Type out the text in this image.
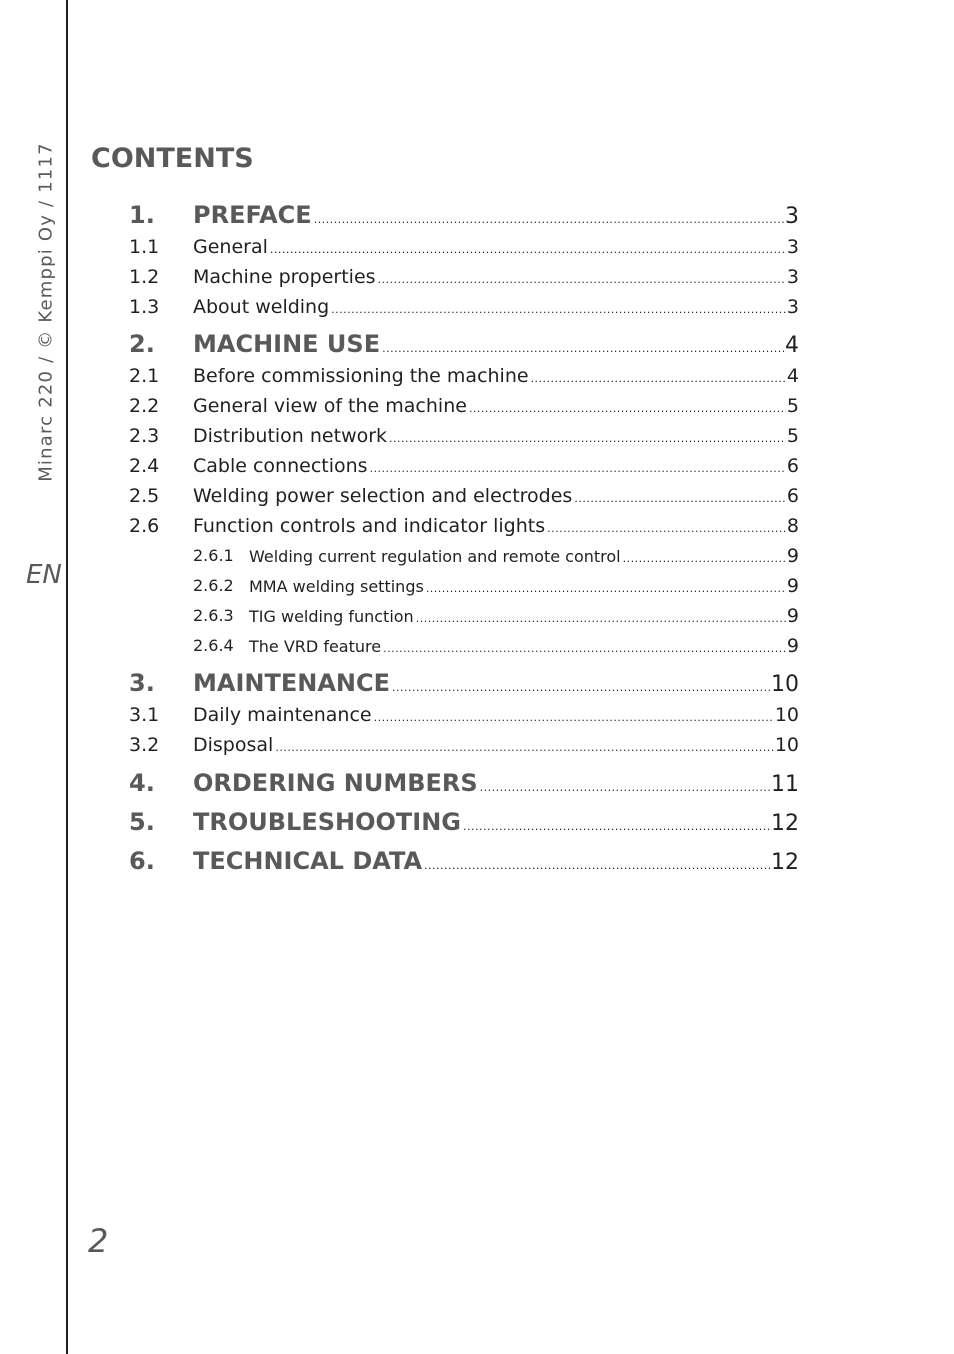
Minarc 220 / © Kemppi Oy / 1117
EN
2
CONTENTS
1. PREFACE .....	3
1.1 General .....	3
1.2 Machine properties .....	3
1.3 About welding .....	3
2. MACHINE USE .....	4
2.1 Before commissioning the machine .....	4
2.2 General view of the machine .....	5
2.3 Distribution network .....	5
2.4 Cable connections .....	6
2.5 Welding power selection and electrodes .....	6
2.6 Function controls and indicator lights .....	8
2.6.1 Welding current regulation and remote control .....	9
2.6.2 MMA welding settings .....	9
2.6.3 TIG welding function .....	9
2.6.4 The VRD feature .....	9
3. MAINTENANCE .....	10
3.1 Daily maintenance .....	10
3.2 Disposal .....	10
4. ORDERING NUMBERS .....	11
5. TROUBLESHOOTING .....	12
6. TECHNICAL DATA .....	12
